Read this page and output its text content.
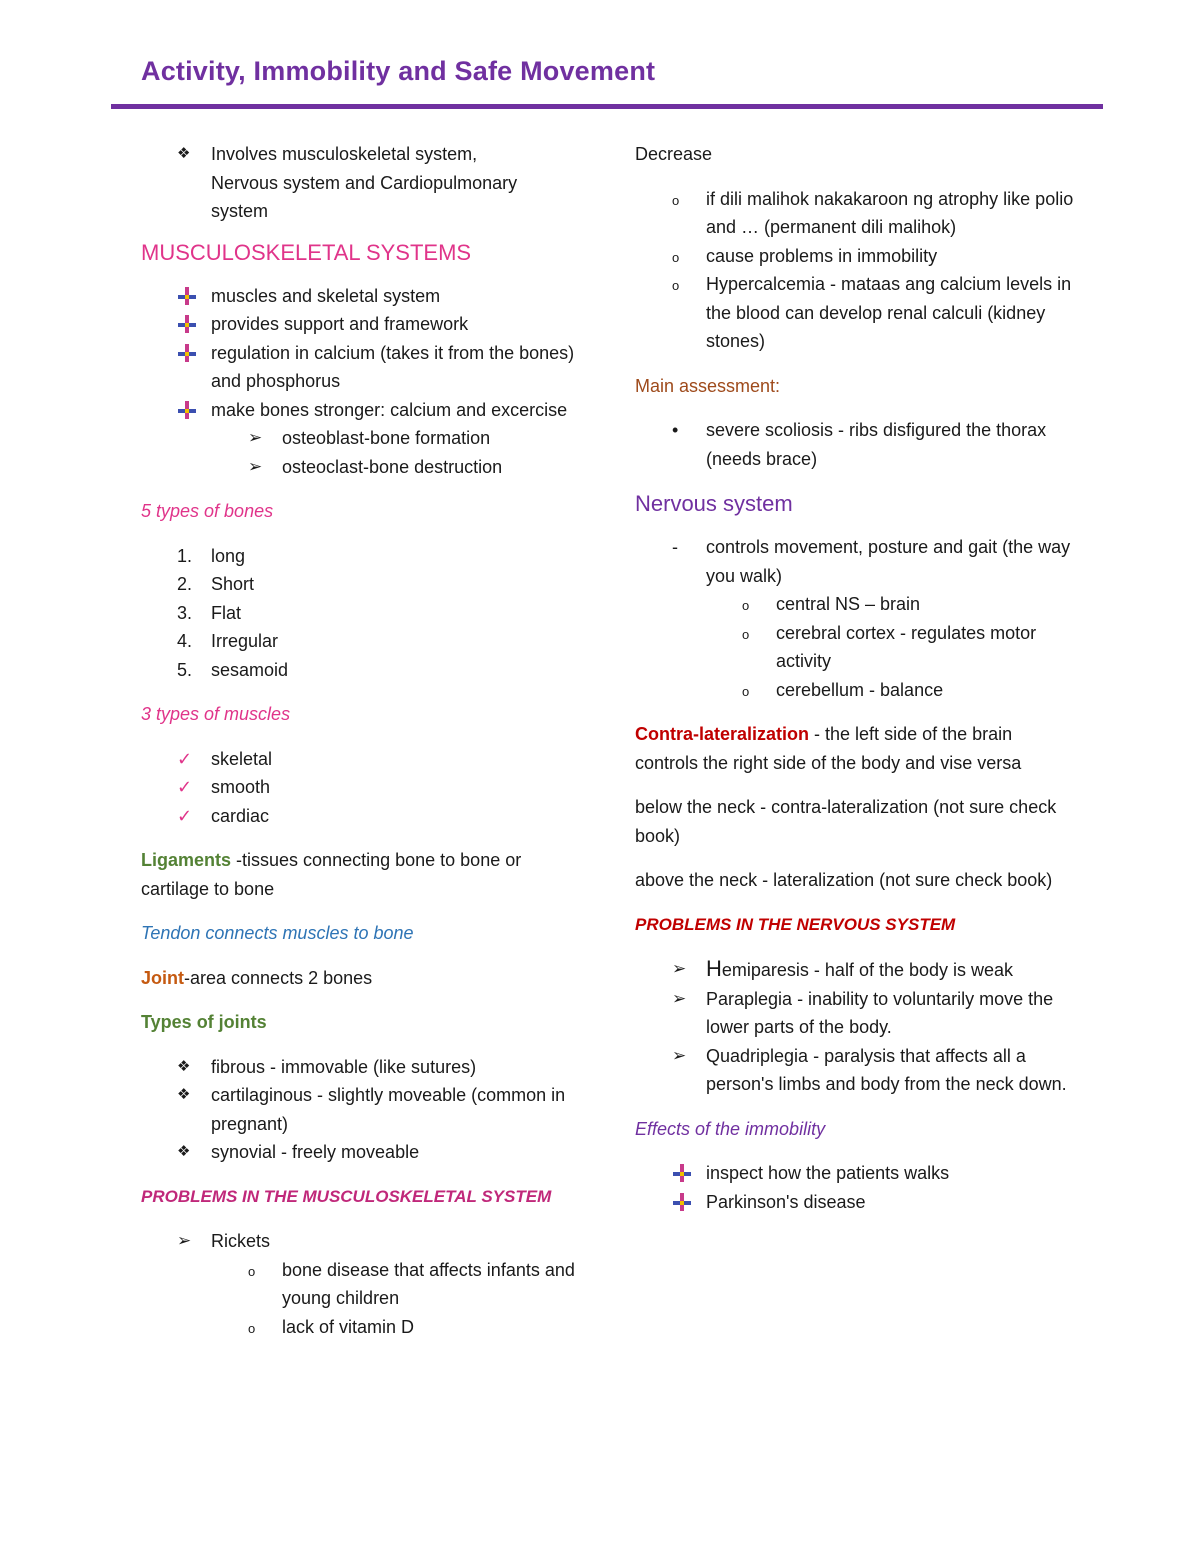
Activity, Immobility and Safe Movement
❖	Involves musculoskeletal system,
Nervous system and Cardiopulmonary
system
MUSCULOSKELETAL SYSTEMS
muscles and skeletal system
provides support and framework
regulation in calcium (takes it from the bones) and phosphorus
make bones stronger: calcium and excercise
➢	osteoblast-bone formation
➢	osteoclast-bone destruction

5 types of bones

1.	long
2.	Short
3.	Flat
4.	Irregular
5.	sesamoid

3 types of muscles

✓	skeletal
✓	smooth
✓	cardiac

Ligaments -tissues connecting bone to bone or cartilage to bone

Tendon connects muscles to bone

Joint-area connects 2 bones

Types of joints

❖	fibrous - immovable (like sutures)
❖	cartilaginous - slightly moveable (common in pregnant)
❖	synovial - freely moveable

PROBLEMS IN THE MUSCULOSKELETAL SYSTEM

➢	Rickets
o	bone disease that affects infants and young children
o	lack of vitamin D

Decrease

o	if dili malihok nakakaroon ng atrophy like polio and … (permanent dili malihok)
o	cause problems in immobility
o	Hypercalcemia - mataas ang calcium levels in the blood can develop renal calculi (kidney stones)

Main assessment:

•	severe scoliosis - ribs disfigured the thorax (needs brace)
Nervous system
-	controls movement, posture and gait (the way you walk)
o	central NS – brain
o	cerebral cortex - regulates motor activity
o	cerebellum - balance

Contra-lateralization - the left side of the brain controls the right side of the body and vise versa

below the neck - contra-lateralization (not sure check book)

above the neck - lateralization (not sure check book)

PROBLEMS IN THE NERVOUS SYSTEM

➢ Hemiparesis - half of the body is weak
➢	Paraplegia - inability to voluntarily move the lower parts of the body.
➢	Quadriplegia - paralysis that affects all a person's limbs and body from the neck down.

Effects of the immobility

inspect how the patients walks
Parkinson's disease
